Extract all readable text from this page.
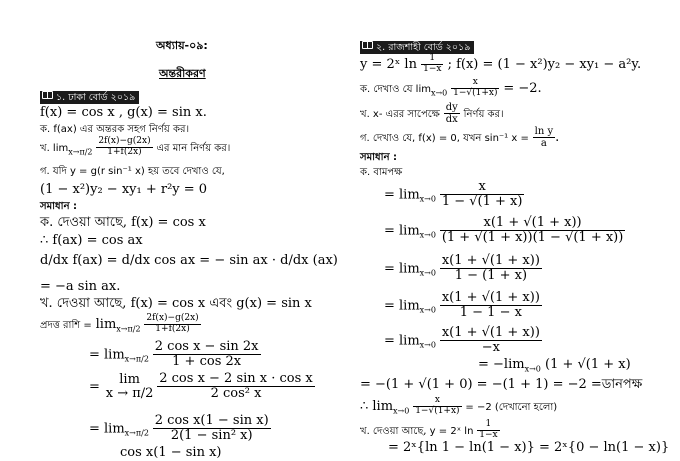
অধ্যায়-০৯:
অন্তরীকরণ
১. ঢাকা বোর্ড ২০১৯
f(x) = cos x , g(x) = sin x.
ক. f(ax) এর অন্তরক সহগ নির্ণয় কর।
খ. $\lim_{x\to\pi/2} \frac{2f(x)-g(2x)}{1+f(2x)}$ এর মান নির্ণয় কর।
গ. যদি y = g(r sin⁻¹ x) হয় তবে দেখাও যে,
(1 − x²)y₂ − xy₁ + r²y = 0
সমাধান :
ক. দেওয়া আছে, f(x) = cos x
∴ f(ax) = cos ax
d/dx f(ax) = d/dx cos ax = − sin ax · d/dx (ax)
= −a sin ax.
খ. দেওয়া আছে, f(x) = cos x এবং g(x) = sin x
প্রদত্ত রাশি = $\lim_{x\to\pi/2} \frac{2f(x)-g(2x)}{1+f(2x)}$
= $\lim_{x\to\pi/2} \frac{\text{2 cos x − sin 2x}}{1 + \cos 2x}$
=
lim
x → π/2
$\frac{\text{2 cos x − 2 sin x · cos x}}{\text{2 cos² x}}$
= $\lim_{x\to\pi/2} \frac{\text{2 cos x(1 − sin x)}}{\text{2(1 − sin² x)}}$
cos x(1 − sin x)
২. রাজশাহী বোর্ড ২০১৯
y = 2ˣ $\ln \frac{1}{1-x}$ ; f(x) = (1 − x²)y₂ − xy₁ − a²y.
ক. দেখাও যে $\lim_{x\to 0} \frac{x}{1-√(1+x)} = -2$.
খ. x- এরর সাপেক্ষে $\frac{dy}{dx}$ নির্ণয় কর।
গ. দেখাও যে, f(x) = 0, যখন sin⁻¹ $x = \frac{\text{ln y}}{a}$ .
সমাধান :
ক. বামপক্ষ
= $\lim_{x\to 0} \frac{x}{1 - √(1 + x)}$
= $\lim_{x\to 0} \frac{x(1 + √(1 + x))}{(1 + √(1 + x))(1 - √(1 + x))}$
= $\lim_{x\to 0} \frac{x(1 + √(1 + x))}{1 - (1 + x)}$
= $\lim_{x\to 0} \frac{x(1 + √(1 + x))}{1 - 1 - x}$
= $\lim_{x\to 0} \frac{x(1 + √(1 + x))}{-x}$
= $-\lim_{x\to 0}$ (1 + √(1 + x)
= −(1 + √(1 + 0) = −(1 + 1) = −2 =ডানপক্ষ
∴ $\lim_{x\to 0} \frac{x}{1-√(1+x)} = -2$ (দেখানো হলো)
খ. দেওয়া আছে, y = 2ˣ $\ln \frac{1}{1-x}$
= 2ˣ{ln 1 − ln(1 − x)} = 2ˣ{0 − ln(1 − x)}
